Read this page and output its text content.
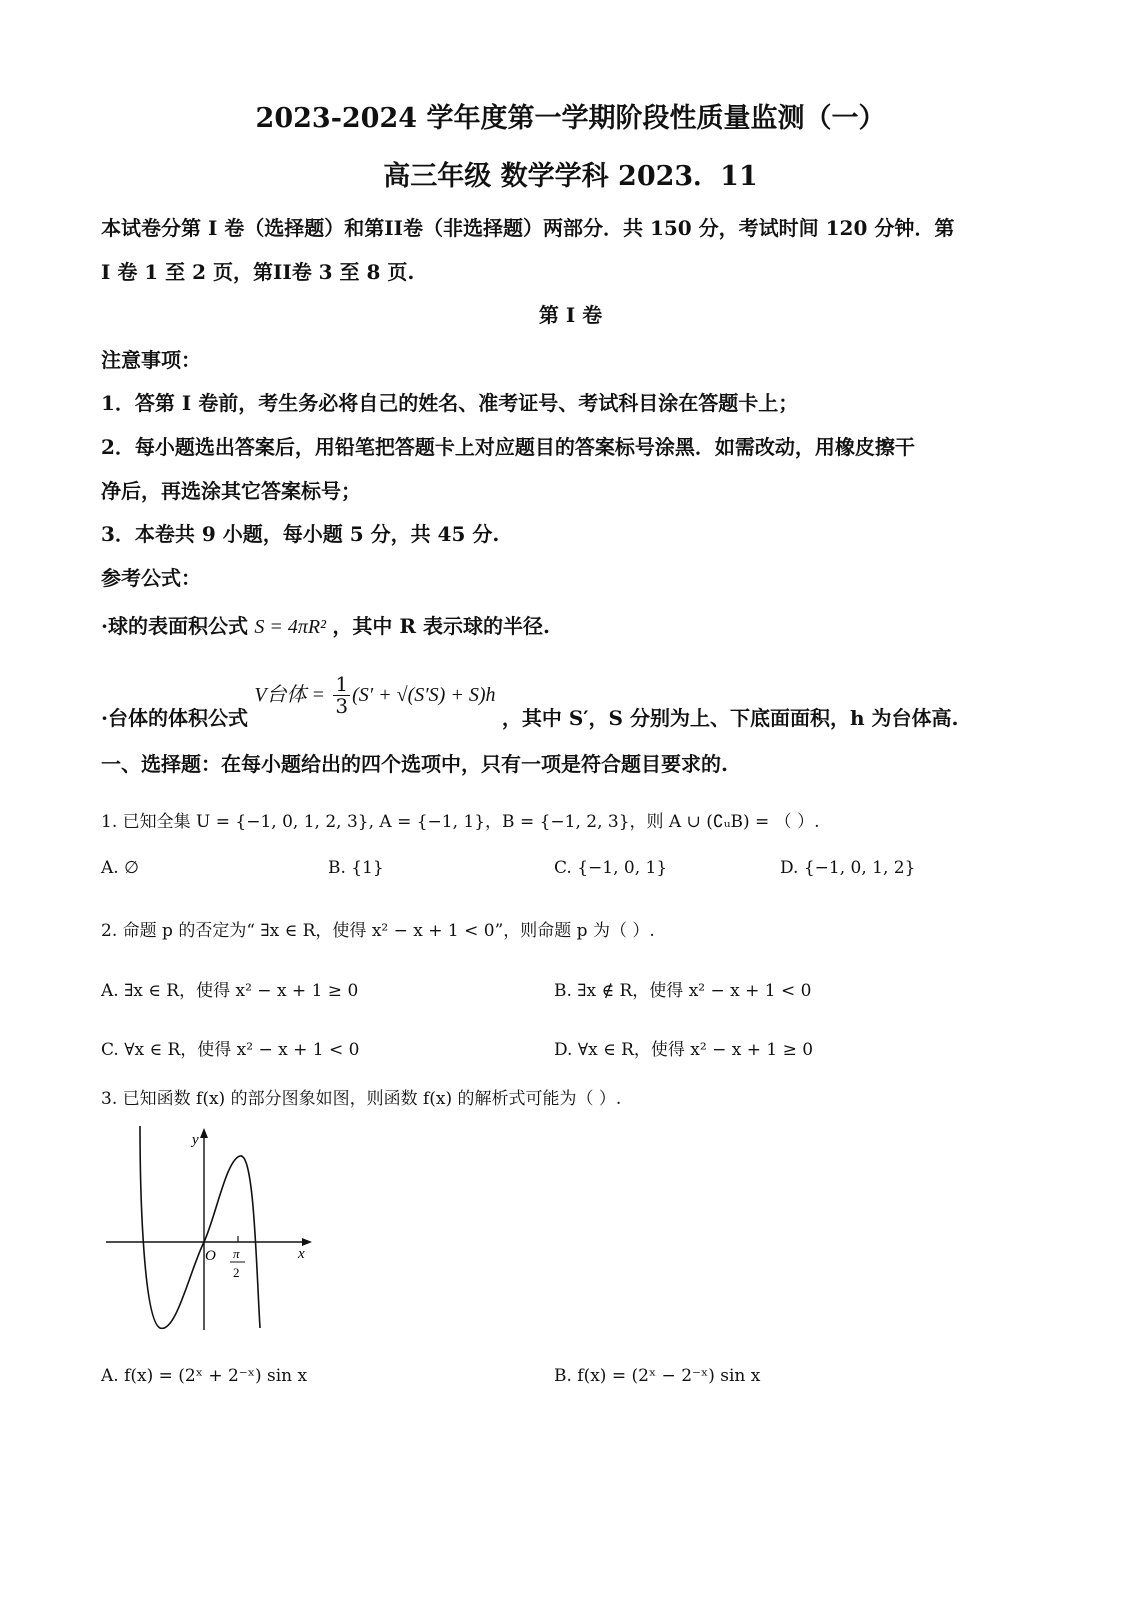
2023-2024 学年度第一学期阶段性质量监测（一）
高三年级 数学学科 2023．11
本试卷分第 I 卷（选择题）和第II卷（非选择题）两部分．共 150 分，考试时间 120 分钟．第
I 卷 1 至 2 页，第II卷 3 至 8 页.
第 I 卷
注意事项：
1．答第 I 卷前，考生务必将自己的姓名、准考证号、考试科目涂在答题卡上；
2．每小题选出答案后，用铅笔把答题卡上对应题目的答案标号涂黑．如需改动，用橡皮擦干
净后，再选涂其它答案标号；
3．本卷共 9 小题，每小题 5 分，共 45 分.
参考公式：
·球的表面积公式 S = 4πR² ，其中 R 表示球的半径.
·台体的体积公式 V台体 = $\frac{1}{3} (S' + √(S'S) + S)h$ ，其中 S′，S 分别为上、下底面面积，h 为台体高.
一、选择题：在每小题给出的四个选项中，只有一项是符合题目要求的.
1. 已知全集 U = {−1, 0, 1, 2, 3}, A = {−1, 1}，B = {−1, 2, 3}，则 A ∪ (∁ᵤB) = （ ）.
A. ∅	B. {1}	C. {−1, 0, 1}	D. {−1, 0, 1, 2}
2. 命题 p 的否定为“ ∃x ∈ R，使得 x² − x + 1 < 0”，则命题 p 为（ ）.
A. ∃x ∈ R，使得 x² − x + 1 ≥ 0	B. ∃x ∉ R，使得 x² − x + 1 < 0
C. ∀x ∈ R，使得 x² − x + 1 < 0	D. ∀x ∈ R，使得 x² − x + 1 ≥ 0
3. 已知函数 f(x) 的部分图象如图，则函数 f(x) 的解析式可能为（ ）.
y
x
O π
2
A. f(x) = (2ˣ + 2⁻ˣ) sin x	B. f(x) = (2ˣ − 2⁻ˣ) sin x
